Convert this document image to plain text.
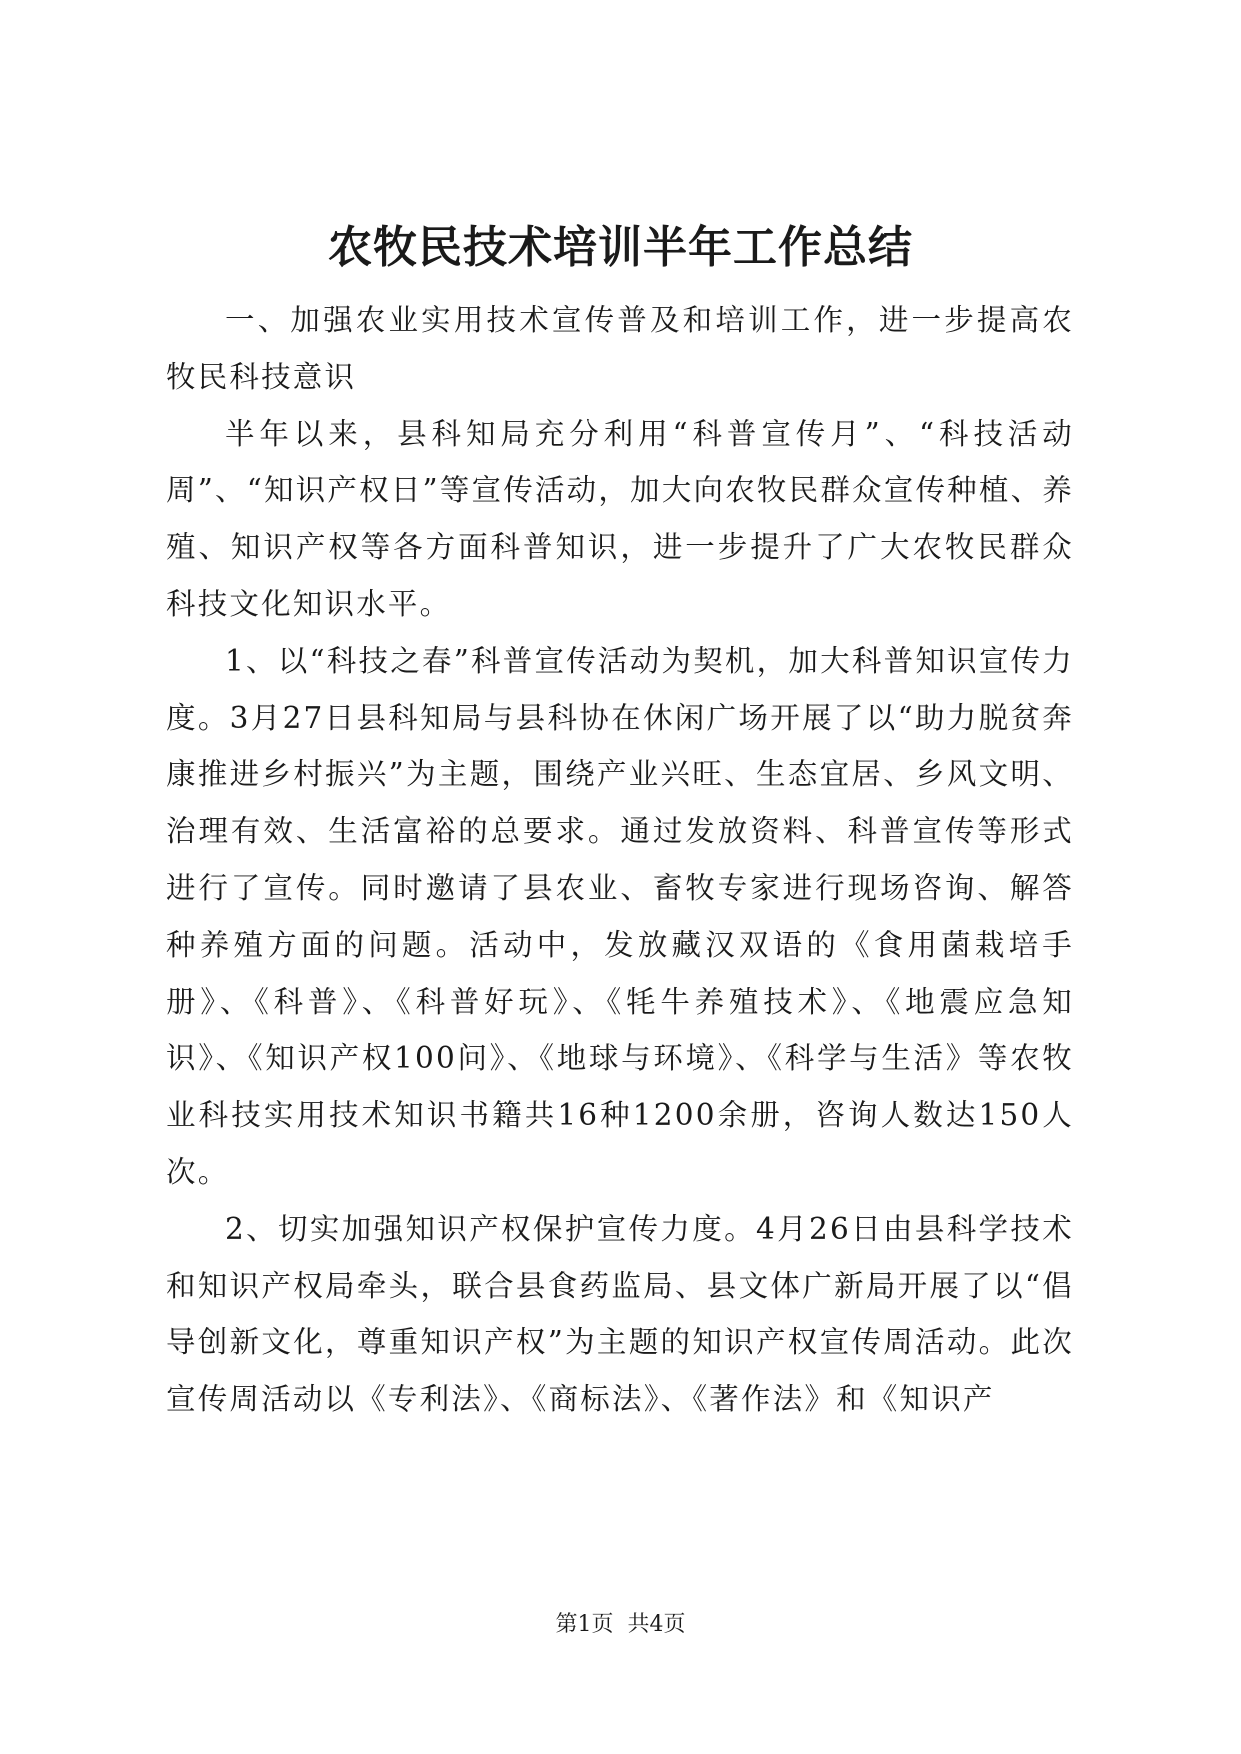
农牧民技术培训半年工作总结

一、加强农业实用技术宣传普及和培训工作，进一步提高农牧民科技意识

半年以来，县科知局充分利用“科普宣传月”、“科技活动周”、“知识产权日”等宣传活动，加大向农牧民群众宣传种植、养殖、知识产权等各方面科普知识，进一步提升了广大农牧民群众科技文化知识水平。

1、以“科技之春”科普宣传活动为契机，加大科普知识宣传力度。3月27日县科知局与县科协在休闲广场开展了以“助力脱贫奔康推进乡村振兴”为主题，围绕产业兴旺、生态宜居、乡风文明、治理有效、生活富裕的总要求。通过发放资料、科普宣传等形式进行了宣传。同时邀请了县农业、畜牧专家进行现场咨询、解答种养殖方面的问题。活动中，发放藏汉双语的《食用菌栽培手册》、《科普》、《科普好玩》、《牦牛养殖技术》、《地震应急知识》、《知识产权100问》、《地球与环境》、《科学与生活》等农牧业科技实用技术知识书籍共16种1200余册，咨询人数达150人次。

2、切实加强知识产权保护宣传力度。4月26日由县科学技术和知识产权局牵头，联合县食药监局、县文体广新局开展了以“倡导创新文化，尊重知识产权”为主题的知识产权宣传周活动。此次宣传周活动以《专利法》、《商标法》、《著作法》和《知识产

第1页 共4页
